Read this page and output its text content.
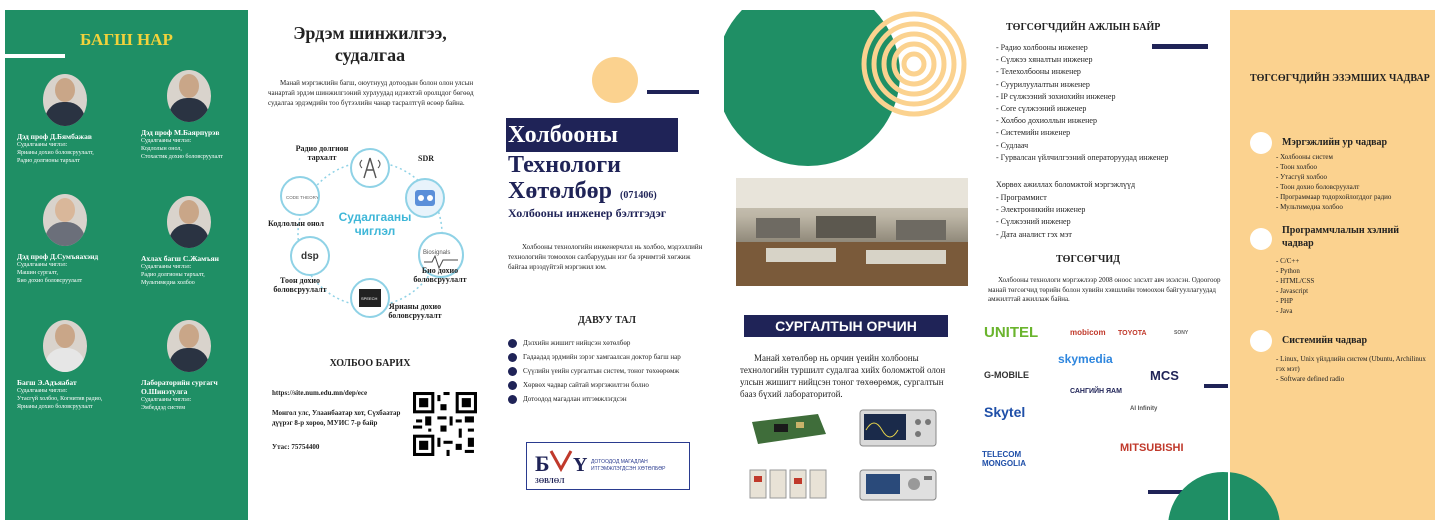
БАГШ НАР
Дэд проф Д.Бямбажав
Судалгааны чиглэл:
Ярианы дохио боловсруулалт,
Радио долгионы тархалт
Дэд проф М.Баярпүрэв
Судалгааны чиглэл:
Кодлолын онол,
Стохастик дохио боловсруулалт
Дэд проф Д.Сумъяахэнд
Судалгааны чиглэл:
Машин сургалт,
Био дохио боловсруулалт
Ахлах багш С.Жамъян
Судалгааны чиглэл:
Радио долгионы тархалт,
Мультимедиа холбоо
Багш Э.Адъяабат
Судалгааны чиглэл:
Утасгүй холбоо, Когнитив радио,
Ярианы дохио боловсруулалт
Лабораторийн сургагч О.Шинэтулга
Судалгааны чиглэл:
Эмбеддэд систем
Эрдэм шинжилгээ, судалгаа
Манай мэргэжлийн багш, оюутнууд дотоодын болон олон улсын чанартай эрдэм шинжилгээний хурлуудад идэвхтэй оролцдог бөгөөд судалгаа эрдэмдийн тоо бүтээлийн чанар тасралтгүй өсөөр байна.
CODE THEORY
Biosignals
dsp
SPEECH
Судалгааны чиглэл
Радио долгион тархалт	SDR
Кодлолын онол
Био дохио боловсруулалт
Тоон дохио боловсруулалт
Ярианы дохио боловсруулалт
ХОЛБОО БАРИХ
https://site.num.edu.mn/dep/ece
Монгол улс, Улаанбаатар хот, Сүхбаатар дүүрэг 8-р хороо, МУИС 7-р байр
Утас: 75754400
Холбооны
Технологи
Хөтөлбөр (071406)
Холбооны инженер бэлтгэдэг
Холбооны технологийн инженерчлэл нь холбоо, мэдээллийн технологийн томоохон салбаруудын нэг ба эрчимтэй хөгжиж байгаа ирээдүйтэй мэргэжил юм.
ДАВУУ ТАЛ
Дэлхийн жишигт нийцсэн хөтөлбөр
Гадаадад эрдмийн зэрэг хамгаалсан доктор багш нар
Сүүлийн үеийн сургалтын систем, тоног төхөөрөмж
Хөрвөх чадвар сайтай мэргэжилтэн болно
Дотоодод магадлан итгэмжлэгдсэн
Б Y
ЗӨВЛӨЛ
ДОТООДОД МАГАДЛАН ИТГЭМЖЛЭГДСЭН ХӨТӨЛБӨР
СУРГАЛТЫН ОРЧИН
Манай хөтөлбөр нь орчин үеийн холбооны технологийн туршилт судалгаа хийх боломжтой олон улсын жишигт нийцсэн тоног төхөөрөмж, сургалтын бааз бүхий лабораторитой.
ТӨГСӨГЧДИЙН АЖЛЫН БАЙР
- Радио холбооны инженер
- Сүлжээ хяналтын инженер
- Телехолбооны инженер
- Суурилуулалтын инженер
- IP сүлжээний зохиохийн инженер
- Core сүлжээний инженер
- Холбоо дохиоллын инженер
- Системийн инженер
- Судлаач
- Гурвалсан үйлчилгээний операторуудад инженер
Хөрвөх ажиллах боломжтой мэргэжлүүд
- Программист
- Электроникийн инженер
- Сүлжээний инженер
- Дата аналист гэх мэт
ТӨГСӨГЧИД
Холбооны технологи мэргэжлээр 2008 оноос элсэлт авч эхэлсэн. Одоогоор манай төгсөгчид төрийн болон хувийн хэвшлийн томоохон байгууллагуудад амжилттай ажиллаж байна.
UNITEL	mobicom TOYOTA	SONY
G-MOBILE
skymedia
MCS
САНГИЙН ЯАМ
Skytel	AI Infinity
TELECOM MONGOLIA
MITSUBISHI
ТӨГСӨГЧДИЙН ЭЗЭМШИХ ЧАДВАР
Мэргэжлийн ур чадвар
- Холбооны систем
- Тоон холбоо
- Утасгүй холбоо
- Тоон дохио боловсруулалт
- Программаар тодорхойлогддог радио
- Мультимедиа холбоо
Программчлалын хэлний чадвар
- C/C++
- Python
- HTML/CSS
- Javascript
- PHP
- Java
Системийн чадвар
- Linux, Unix үйлдлийн систем (Ubuntu, Archilinux гэх мэт)
- Software defined radio
